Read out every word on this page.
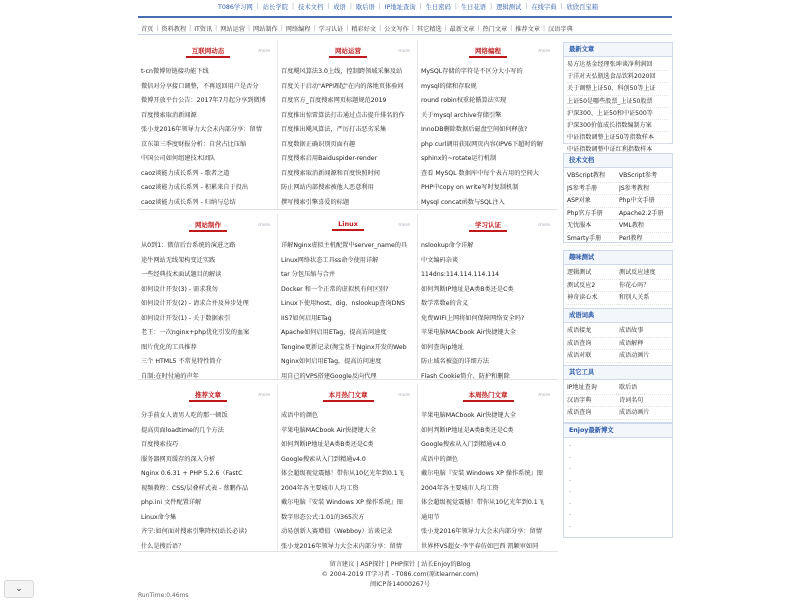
T086学习网 | 站长学院 | 技术文档 | 成语 | 歇后语 | IP地址查询 | 生日密码 | 生日花语 | 逻辑测试 | 在线字典 | 欣欣百宝箱
首页 | 资料教程 | IT资讯 | 网站运营 | 网站制作 | 网络编程 | 学习认证 | 精彩好文 | 公文写作 | 其它精选 | 最新文章 | 热门文章 | 推荐文章 | 汉语字典
互联网动态	more
t-cn微博短链接功能下线
微信对分享接口调整，不再返回用户是否分
微博开放平台公告：2017年7月起分享到微博
百度搜索取消新闻源
张小龙2016年领导力大会未内部分享：留情
京东第三季度财报分析：自营占比压缩
中国公司如何组建技术团队
caoz谈能力成长系列 - 歌者之道
caoz谈能力成长系列 - 积累来自于投出
caoz谈能力成长系列 - 归纳与总结
网站运营	more
百度飓风算法3.0上线，控制跨领域采集及站
百度关于启动"APP调起"在内的落地页体验问
百度官方_百度搜索网页标题规范2019
百度推出惊雷算法打击通过点击提升排名的作
百度推出飓风算法，严厉打击恶劣采集
百度数据正确识别页面有趣
百度搜索启用Baiduspider-render
百度搜索取消新闻源和百度快照时间
防止网站内部搜索被他人恶意利用
撰写搜索引擎喜爱的标题
网络编程	more
MySQL存储的字符是不区分大小写的
mysql的储和存取规
round robin权重轮循算法实现
关于mysql archive存储引擎
InnoDB删除数据后磁盘空间如何释放?
php curl调用获取网页内容(IPV6下超时的解
sphinx的~rotate运行机制
查看 MySQL 数据库中每个表占用的空间大
PHP中copy on write写时复制机制
Mysql concat函数与SQL注入
网站制作	more
从0到1：微信后台系统的演进之路
途牛网站无线架构变迁实践
一些经典技术面试题目的解读
如何设计开发(3) - 需求我勿
如何设计开发(2) - 请求合并及异步处理
如何设计开发(1) - 关于数据索引
老王：一次nginx+php优化引发的血案
图片优化的工具推荐
三个 HTML5 不常见特性简介
自制:在时付通的声年
Linux	more
详解Nginx虚拟主机配置中server_name的具
Linux网络状态工具ss命令使用详解
tar 分包压缩与合并
Docker 和一个正常的虚拟机有何区别?
Linux下使用host、dig、nslookup查询DNS
IIS7如何启用ETag
Apache如何启用ETag，提高访问速度
Tengine更新记录(淘宝基于Nginx开发的Web
Nginx如何启用ETag，提高访问速度
用自己的VPS搭建Google反向代理
学习认证	more
nslookup命令详解
中文编码杂谈
114dns:114.114.114.114
如何判断IP地址是A类B类还是C类
数学常数e的含义
免费WIFI上网将如何保障网络安全吗?
苹果电脑MACbook Air快捷键大全
如何查询ip地址
防止域名被盗的详细方法
Flash Cookie简介、防护和删除
推荐文章	more
分手前女人请男人吃的那一顿饭
提高页面loadtime的几个方法
百度搜索技巧
服务器网页缓存的深入分析
Nginx 0.6.31 + PHP 5.2.6（FastC
视频教程：CSS/层叠样式表 - 蔡鹏作品
php.ini 文件配置详解
Linux命令集
齐宁:如何面对搜索引擎降权(站长必读)
什么是搜后语？
本月热门文章	more
成语中的颜色
苹果电脑MACbook Air快捷键大全
如何判断IP地址是A类B类还是C类
Google搜索从入门到精通v4.0
体会超级视觉震撼！带你从10亿光年到0.1飞
2004年各主要城市人均工资
戴尔电脑『安装 Windows XP 操作系统』图
数字形态公式:1.01的365次方
动易创新人赛增值（Webboy）访谈记录
张小龙2016年领导力大会未内部分享：留情
本周热门文章	more
苹果电脑MACbook Air快捷键大全
如何判断IP地址是A类B类还是C类
Google搜索从入门到精通v4.0
成语中的颜色
戴尔电脑『安装 Windows XP 操作系统』图
2004年各主要城市人均工资
体会超级视觉震撼！带你从10亿光年到0.1飞
通用节
张小龙2016年领导力大会未内部分享：留情
世界杯VS超女·李宇春仿如巴西 凯颖审如同
最新文章
易方达基金经理张坤谈净利润回
于洋对天弘瓶选食品饮料2020回
关于调整上证50、科创50等上证
上证50是哪些股票_上证50股票
沪深300、上证50和中证500等
沪深300价值成长指数编制方案
中证指数调整上证50等指数样本
中证指数调整中证红利指数样本
技术文档
VBScript教程	VBScript参考
JS参考手册	JS参考教程
ASP对象	Php中文手册
Php官方手册	Apache2.2手册
无忧服本	VML教程
Smarty手册	Perl教程
趣味测试
逻辑测试	测试反应速度
测试反应2	你花心吗？
神奇读心术	和别人关系
成语词典
成语接龙	成语故事
成语查询	成语解释
成语对联	成语动画片
其它工具
IP地址查询	歇后语
汉语字典	诗词名句
成语查询	成语动画片
Enjoy最新博文
·
·
·
·
·
·
·
·
留言建议 | ASP探针 | PHP探针 | 站长Enjoy的Blog
© 2004-2019 IT学习者 - T086.com(原itlearner.com)
闽ICP备14000267号
RunTime:0.46ms
⌄
